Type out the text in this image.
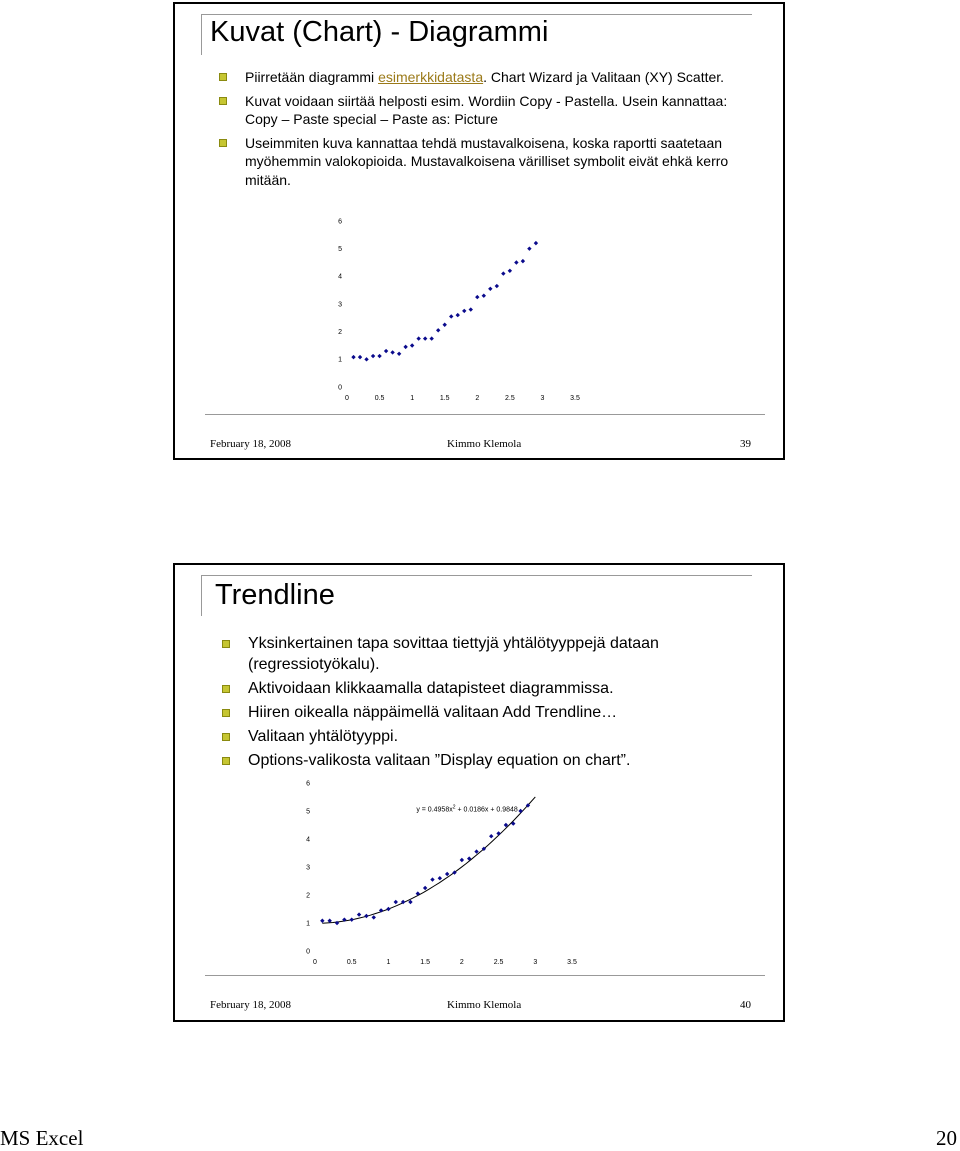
Kuvat (Chart) - Diagrammi
Piirretään diagrammi esimerkkidatasta. Chart Wizard ja Valitaan (XY) Scatter.
Kuvat voidaan siirtää helposti esim. Wordiin Copy - Pastella. Usein kannattaa: Copy – Paste special – Paste as: Picture
Useimmiten kuva kannattaa tehdä mustavalkoisena, koska raportti saatetaan myöhemmin valokopioida. Mustavalkoisena värilliset symbolit eivät ehkä kerro mitään.
0
1
2
3
4
5
6
0	0.5	1	1.5	2	2.5	3	3.5
February 18, 2008	Kimmo Klemola	39
Trendline
Yksinkertainen tapa sovittaa tiettyjä yhtälötyyppejä dataan (regressiotyökalu).
Aktivoidaan klikkaamalla datapisteet diagrammissa.
Hiiren oikealla näppäimellä valitaan Add Trendline…
Valitaan yhtälötyyppi.
Options-valikosta valitaan ”Display equation on chart”.
0
1
2
3
4
5
6
0	0.5	1	1.5	2	2.5	3	3.5
$y = 0.4958x^2 + 0.0186x + 0.9848$
February 18, 2008	Kimmo Klemola	40
MS Excel	20
